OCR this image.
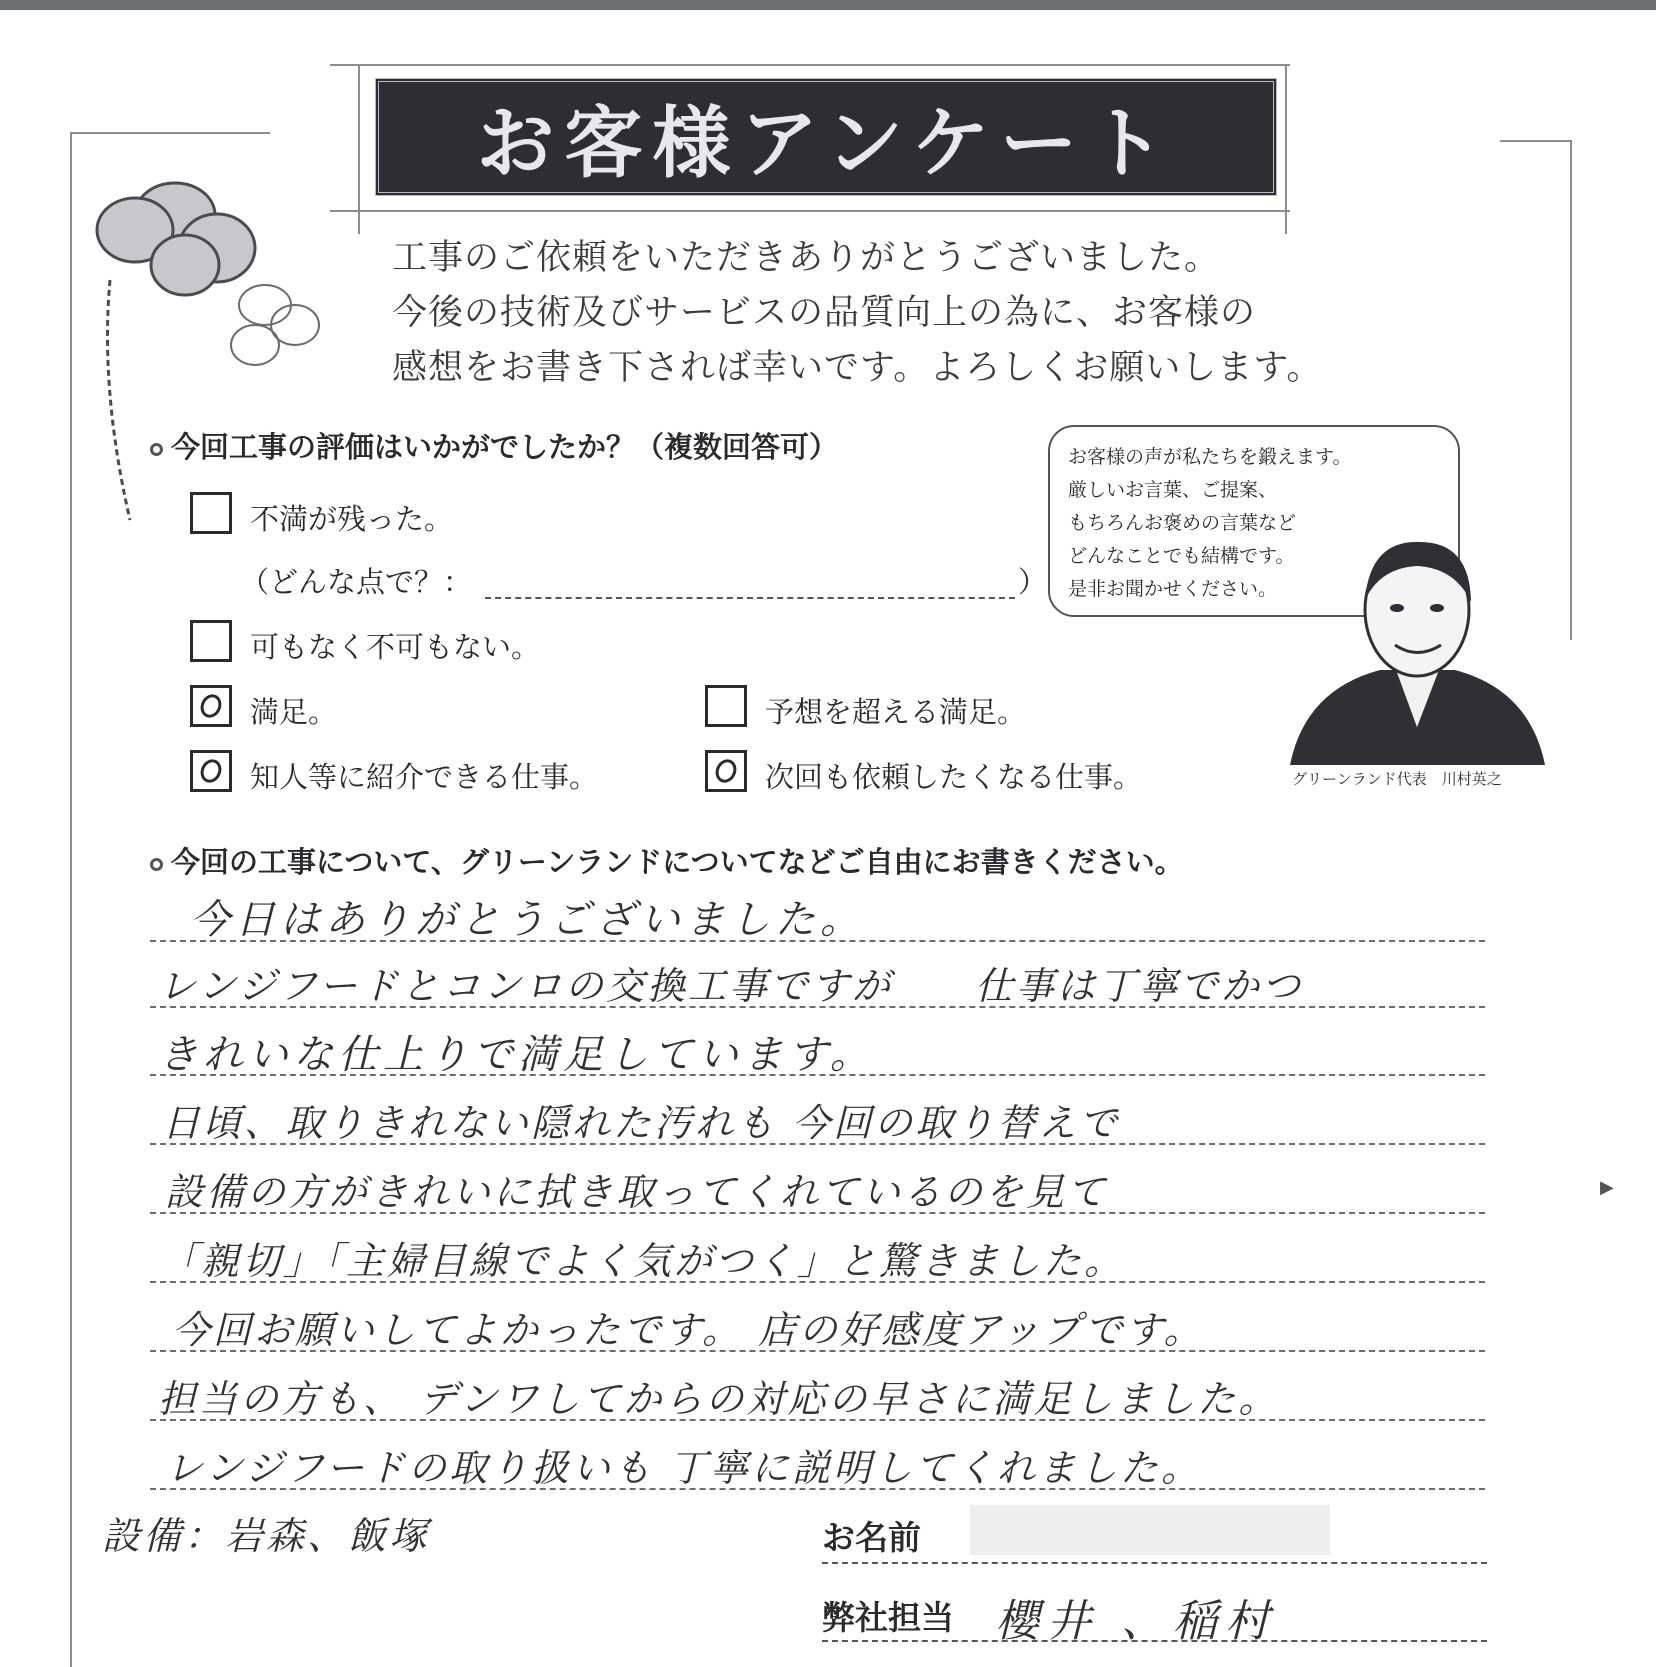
お客様アンケート
工事のご依頼をいただきありがとうございました。
今後の技術及びサービスの品質向上の為に、お客様の
感想をお書き下されば幸いです。よろしくお願いします。
今回工事の評価はいかがでしたか？（複数回答可）
不満が残った。
（どんな点で？：	）
可もなく不可もない。
満足。	予想を超える満足。
知人等に紹介できる仕事。	次回も依頼したくなる仕事。
お客様の声が私たちを鍛えます。
厳しいお言葉、ご提案、
もちろんお褒めの言葉など
どんなことでも結構です。
是非お聞かせください。
グリーンランド代表　川村英之
今回の工事について、グリーンランドについてなどご自由にお書きください。
今日はありがとうございました。
レンジフードとコンロの交換工事ですが　　仕事は丁寧でかつ
きれいな仕上りで満足しています。
日頃、取りきれない隠れた汚れも 今回の取り替えで
設備の方がきれいに拭き取ってくれているのを見て
「親切」「主婦目線でよく気がつく」と驚きました。
今回お願いしてよかったです。 店の好感度アップです。
担当の方も、 デンワしてからの対応の早さに満足しました。
レンジフードの取り扱いも 丁寧に説明してくれました。
設備：岩森、飯塚	お名前
弊社担当 櫻井 、稲村
▶
